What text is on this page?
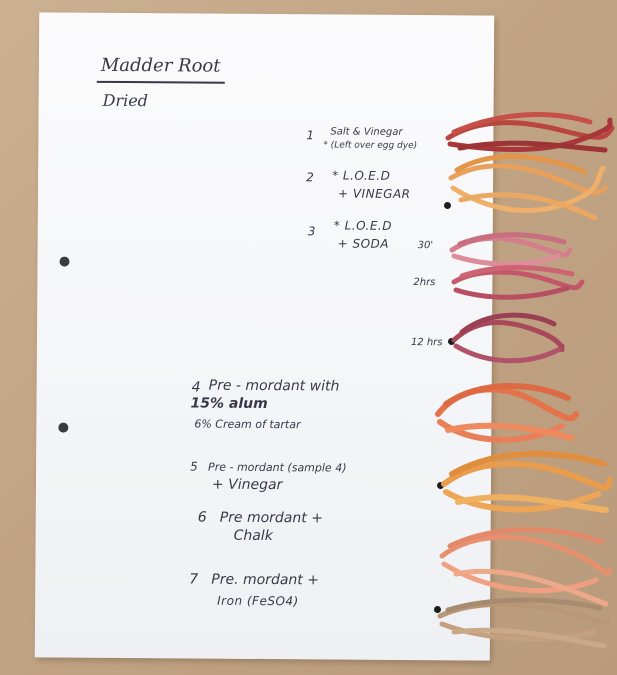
Madder Root
Dried
1 Salt & Vinegar
* (Left over egg dye)
2 * L.O.E.D
+ VINEGAR
3 * L.O.E.D
+ SODA	30'
2hrs
12 hrs
4 Pre - mordant with
15% alum
6% Cream of tartar
5 Pre - mordant (sample 4)
+ Vinegar
6 Pre mordant +
Chalk
7 Pre. mordant +
Iron (FeSO4)
